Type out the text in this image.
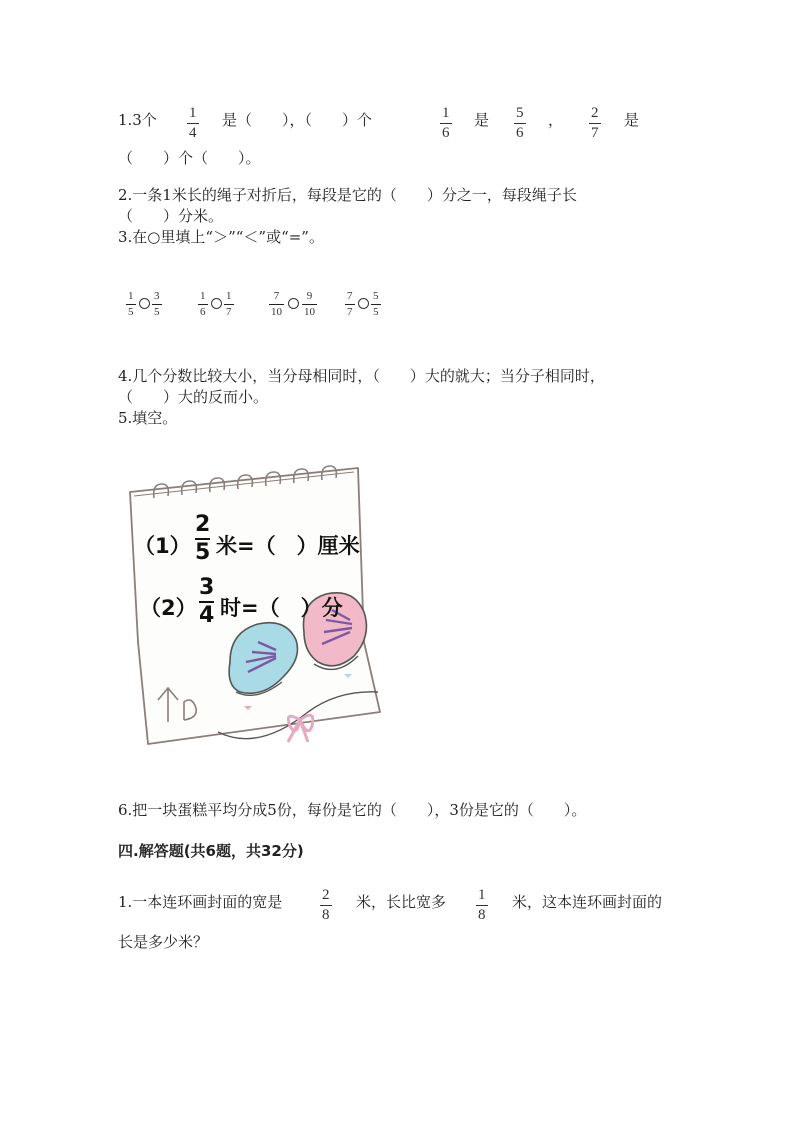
1.3个 1
4
是（　　），（　　）个	1
6
是 5
6
， 2
7
是
（　　）个（　　）。
2.一条1米长的绳子对折后，每段是它的（　　）分之一，每段绳子长
（　　）分米。
3.在○里填上“＞”“＜”或“=”。
1
5
3
5
1
6
1
7
7
10
9
10
7
7
5
5
4.几个分数比较大小，当分母相同时，（　　）大的就大；当分子相同时，
（　　）大的反而小。
5.填空。
（1）
2
5 米=（　）厘米
（2）
3
4 时=（　）分
6.把一块蛋糕平均分成5份，每份是它的（　　），3份是它的（　　）。
四.解答题(共6题，共32分)
1.一本连环画封面的宽是	2
8
米，长比宽多 1
8
米，这本连环画封面的
长是多少米？
